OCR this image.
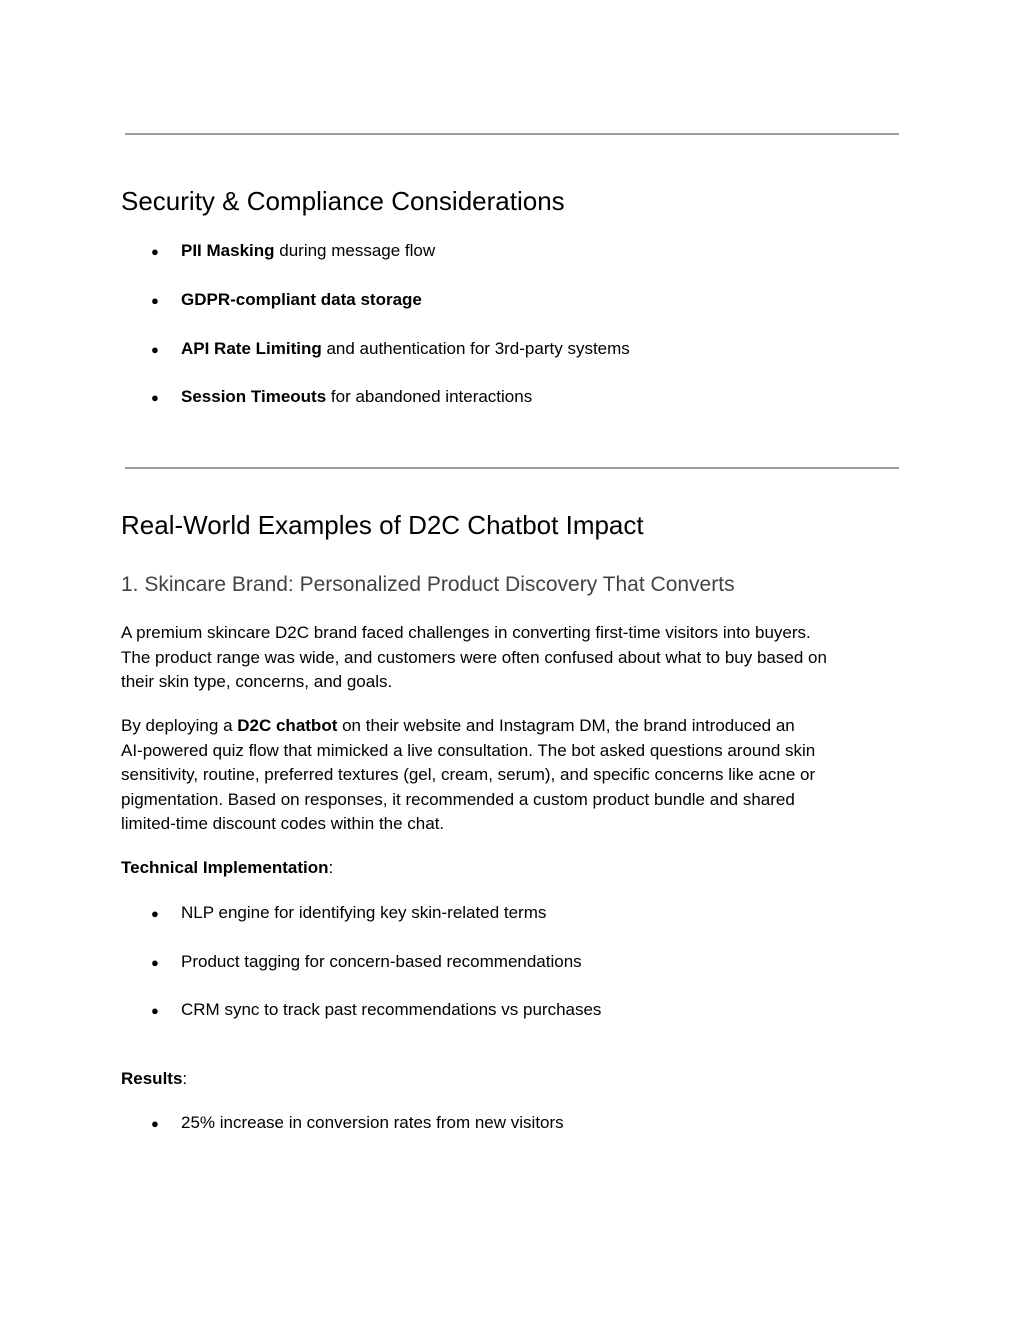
Security & Compliance Considerations
● PII Masking during message flow
● GDPR-compliant data storage
● API Rate Limiting and authentication for 3rd-party systems
● Session Timeouts for abandoned interactions
Real-World Examples of D2C Chatbot Impact
1. Skincare Brand: Personalized Product Discovery That Converts

A premium skincare D2C brand faced challenges in converting first-time visitors into buyers.
The product range was wide, and customers were often confused about what to buy based on
their skin type, concerns, and goals.

By deploying a D2C chatbot on their website and Instagram DM, the brand introduced an
AI-powered quiz flow that mimicked a live consultation. The bot asked questions around skin
sensitivity, routine, preferred textures (gel, cream, serum), and specific concerns like acne or
pigmentation. Based on responses, it recommended a custom product bundle and shared
limited-time discount codes within the chat.

Technical Implementation:

● NLP engine for identifying key skin-related terms
● Product tagging for concern-based recommendations
● CRM sync to track past recommendations vs purchases

Results:

● 25% increase in conversion rates from new visitors
